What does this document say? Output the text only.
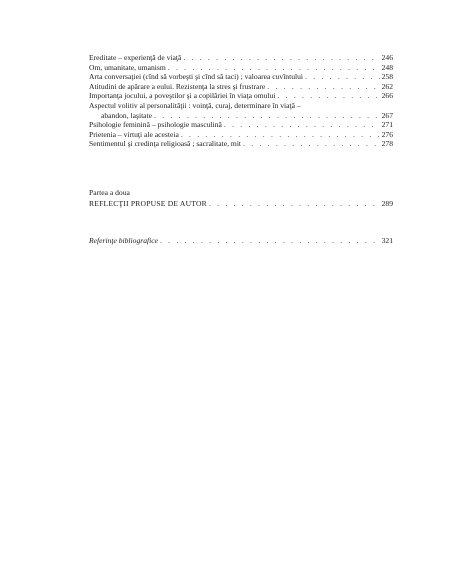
Ereditate – experienţă de viaţă . . .	246
Om, umanitate, umanism . . .	248
Arta conversaţiei (cînd să vorbeşti şi cînd să taci) ; valoarea cuvîntului . . .	258
Atitudini de apărare a eului. Rezistenţa la stres şi frustrare . . .	262
Importanţa jocului, a poveştilor şi a copilăriei în viaţa omului . . .	266
Aspectul volitiv al personalităţii : voinţă, curaj, determinare în viaţă –
abandon, laşitate . . .	267
Psihologie feminină – psihologie masculină . . .	271
Prietenia – virtuţi ale acesteia . . .	276
Sentimentul şi credinţa religioasă ; sacralitate, mit . . .	278
Partea a doua
REFLECŢII PROPUSE DE AUTOR . . .	289
Referinţe bibliografice . . .	321
